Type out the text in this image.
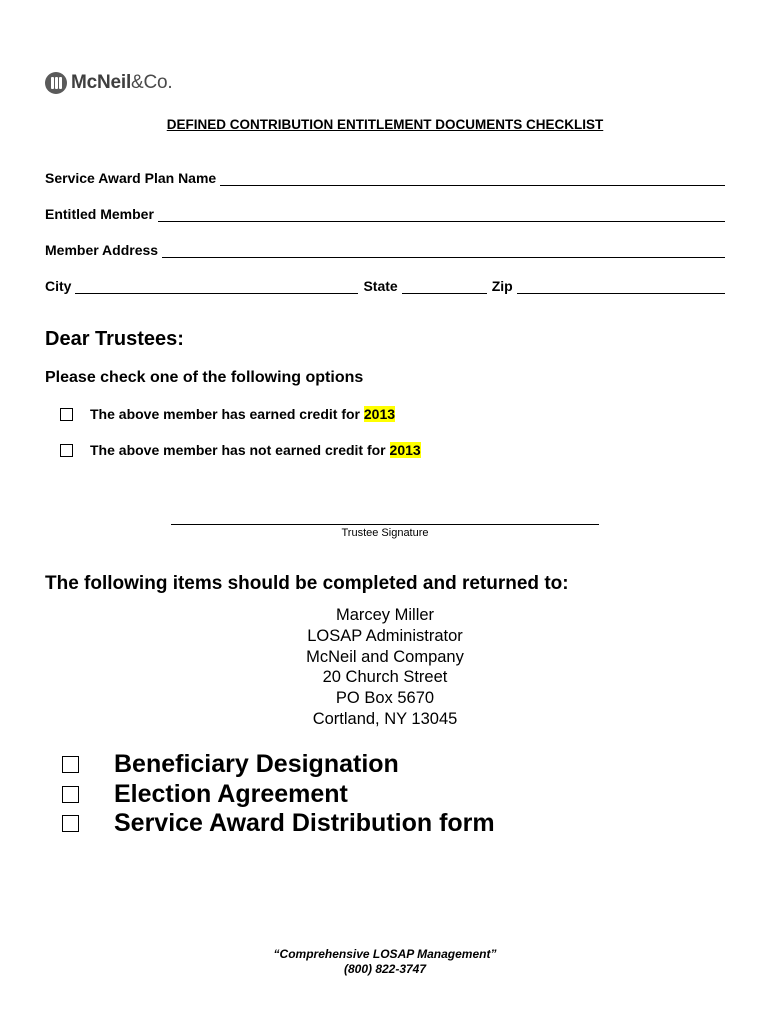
McNeil&Co.
DEFINED CONTRIBUTION ENTITLEMENT DOCUMENTS CHECKLIST
Service Award Plan Name
Entitled Member
Member Address
City	State	Zip
Dear Trustees:
Please check one of the following options
The above member has earned credit for
2013
The above member has not earned credit for
2013
Trustee Signature
The following items should be completed and returned to:
Marcey Miller
LOSAP Administrator
McNeil and Company
20 Church Street
PO Box 5670
Cortland, NY 13045
Beneficiary Designation
Election Agreement
Service Award Distribution form
“Comprehensive LOSAP Management”
(800) 822-3747
